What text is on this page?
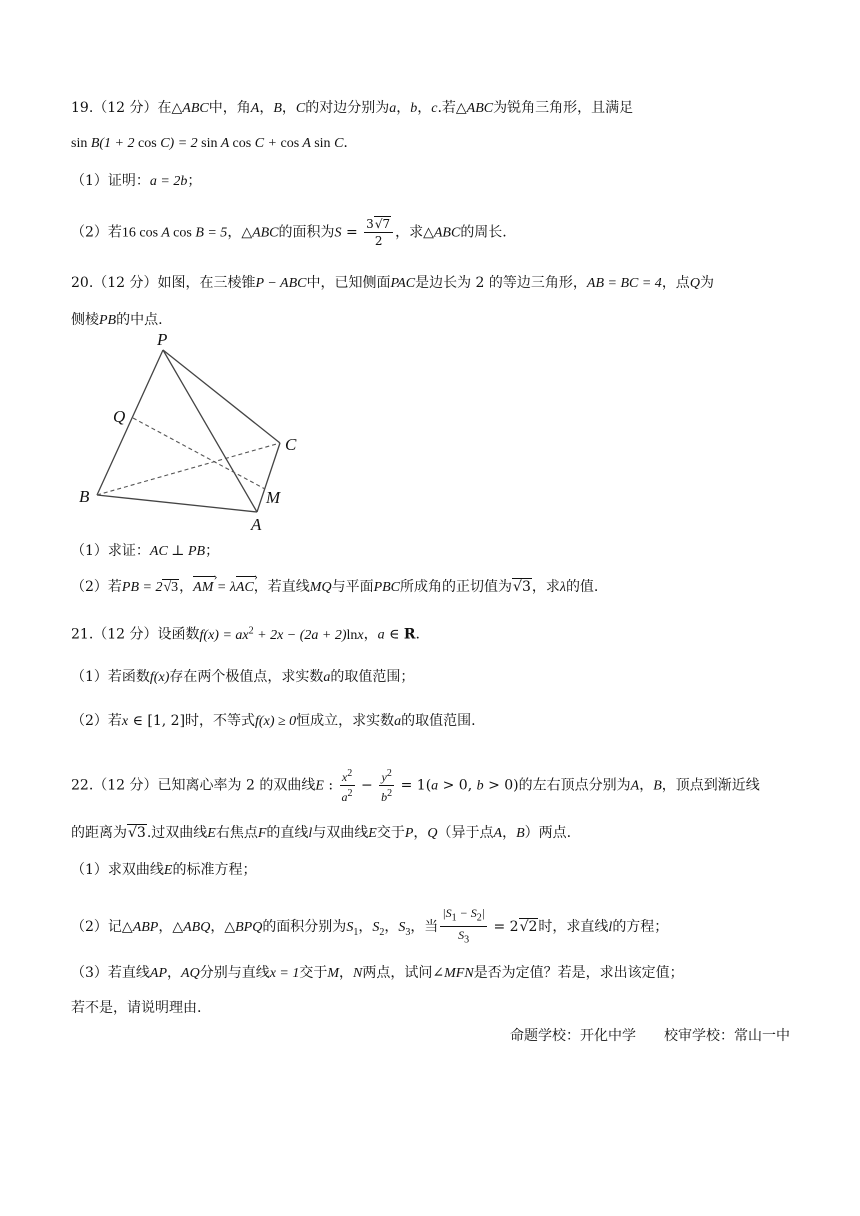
19.（12 分）在△ABC中，角A，B，C的对边分别为a，b，c.若△ABC为锐角三角形，且满足
sin B(1 + 2 cos C) = 2 sin A cos C + cos A sin C.
（1）证明：a = 2b；
（2）若16 cos A cos B = 5，△ABC的面积为$S = \frac{3√7}{2}$ ，求△ABC的周长.
20.（12 分）如图，在三棱锥P − ABC中，已知侧面PAC是边长为 2 的等边三角形，AB = BC = 4，点Q为
侧棱PB的中点.
P
Q
C
B	M
A
（1）求证：AC ⊥ PB；
（2）若PB = 2√3，AM › = λAC ›，若直线MQ与平面PBC所成角的正切值为√3，求λ的值.
21.（12 分）设函数$f(x) = ax^2 + 2x - (2a + 2)\ln x$，a ∈ R.
（1）若函数f(x)存在两个极值点，求实数a的取值范围；
（2）若x ∈ [1, 2]时，不等式f(x) ≥ 0恒成立，求实数a的取值范围.
22.（12 分）已知离心率为 2 的双曲线E : $\frac{x^2}{a^2} - \frac{y^2}{b^2} = 1(a > 0$, b > 0)的左右顶点分别为A，B，顶点到渐近线
的距离为√3.过双曲线E右焦点F的直线l与双曲线E交于P，Q（异于点A，B）两点.
（1）求双曲线E的标准方程；
（2）记△ABP，△ABQ，△BPQ的面积分别为$S_1$，$S_2$，$S_3$，当 $\frac{|S_1 - S_2|}{S_3} = 2√2$时，求直线l的方程；
（3）若直线AP，AQ分别与直线x = 1交于M，N两点，试问∠MFN是否为定值？若是，求出该定值；
若不是，请说明理由.
命题学校：开化中学　　校审学校：常山一中
